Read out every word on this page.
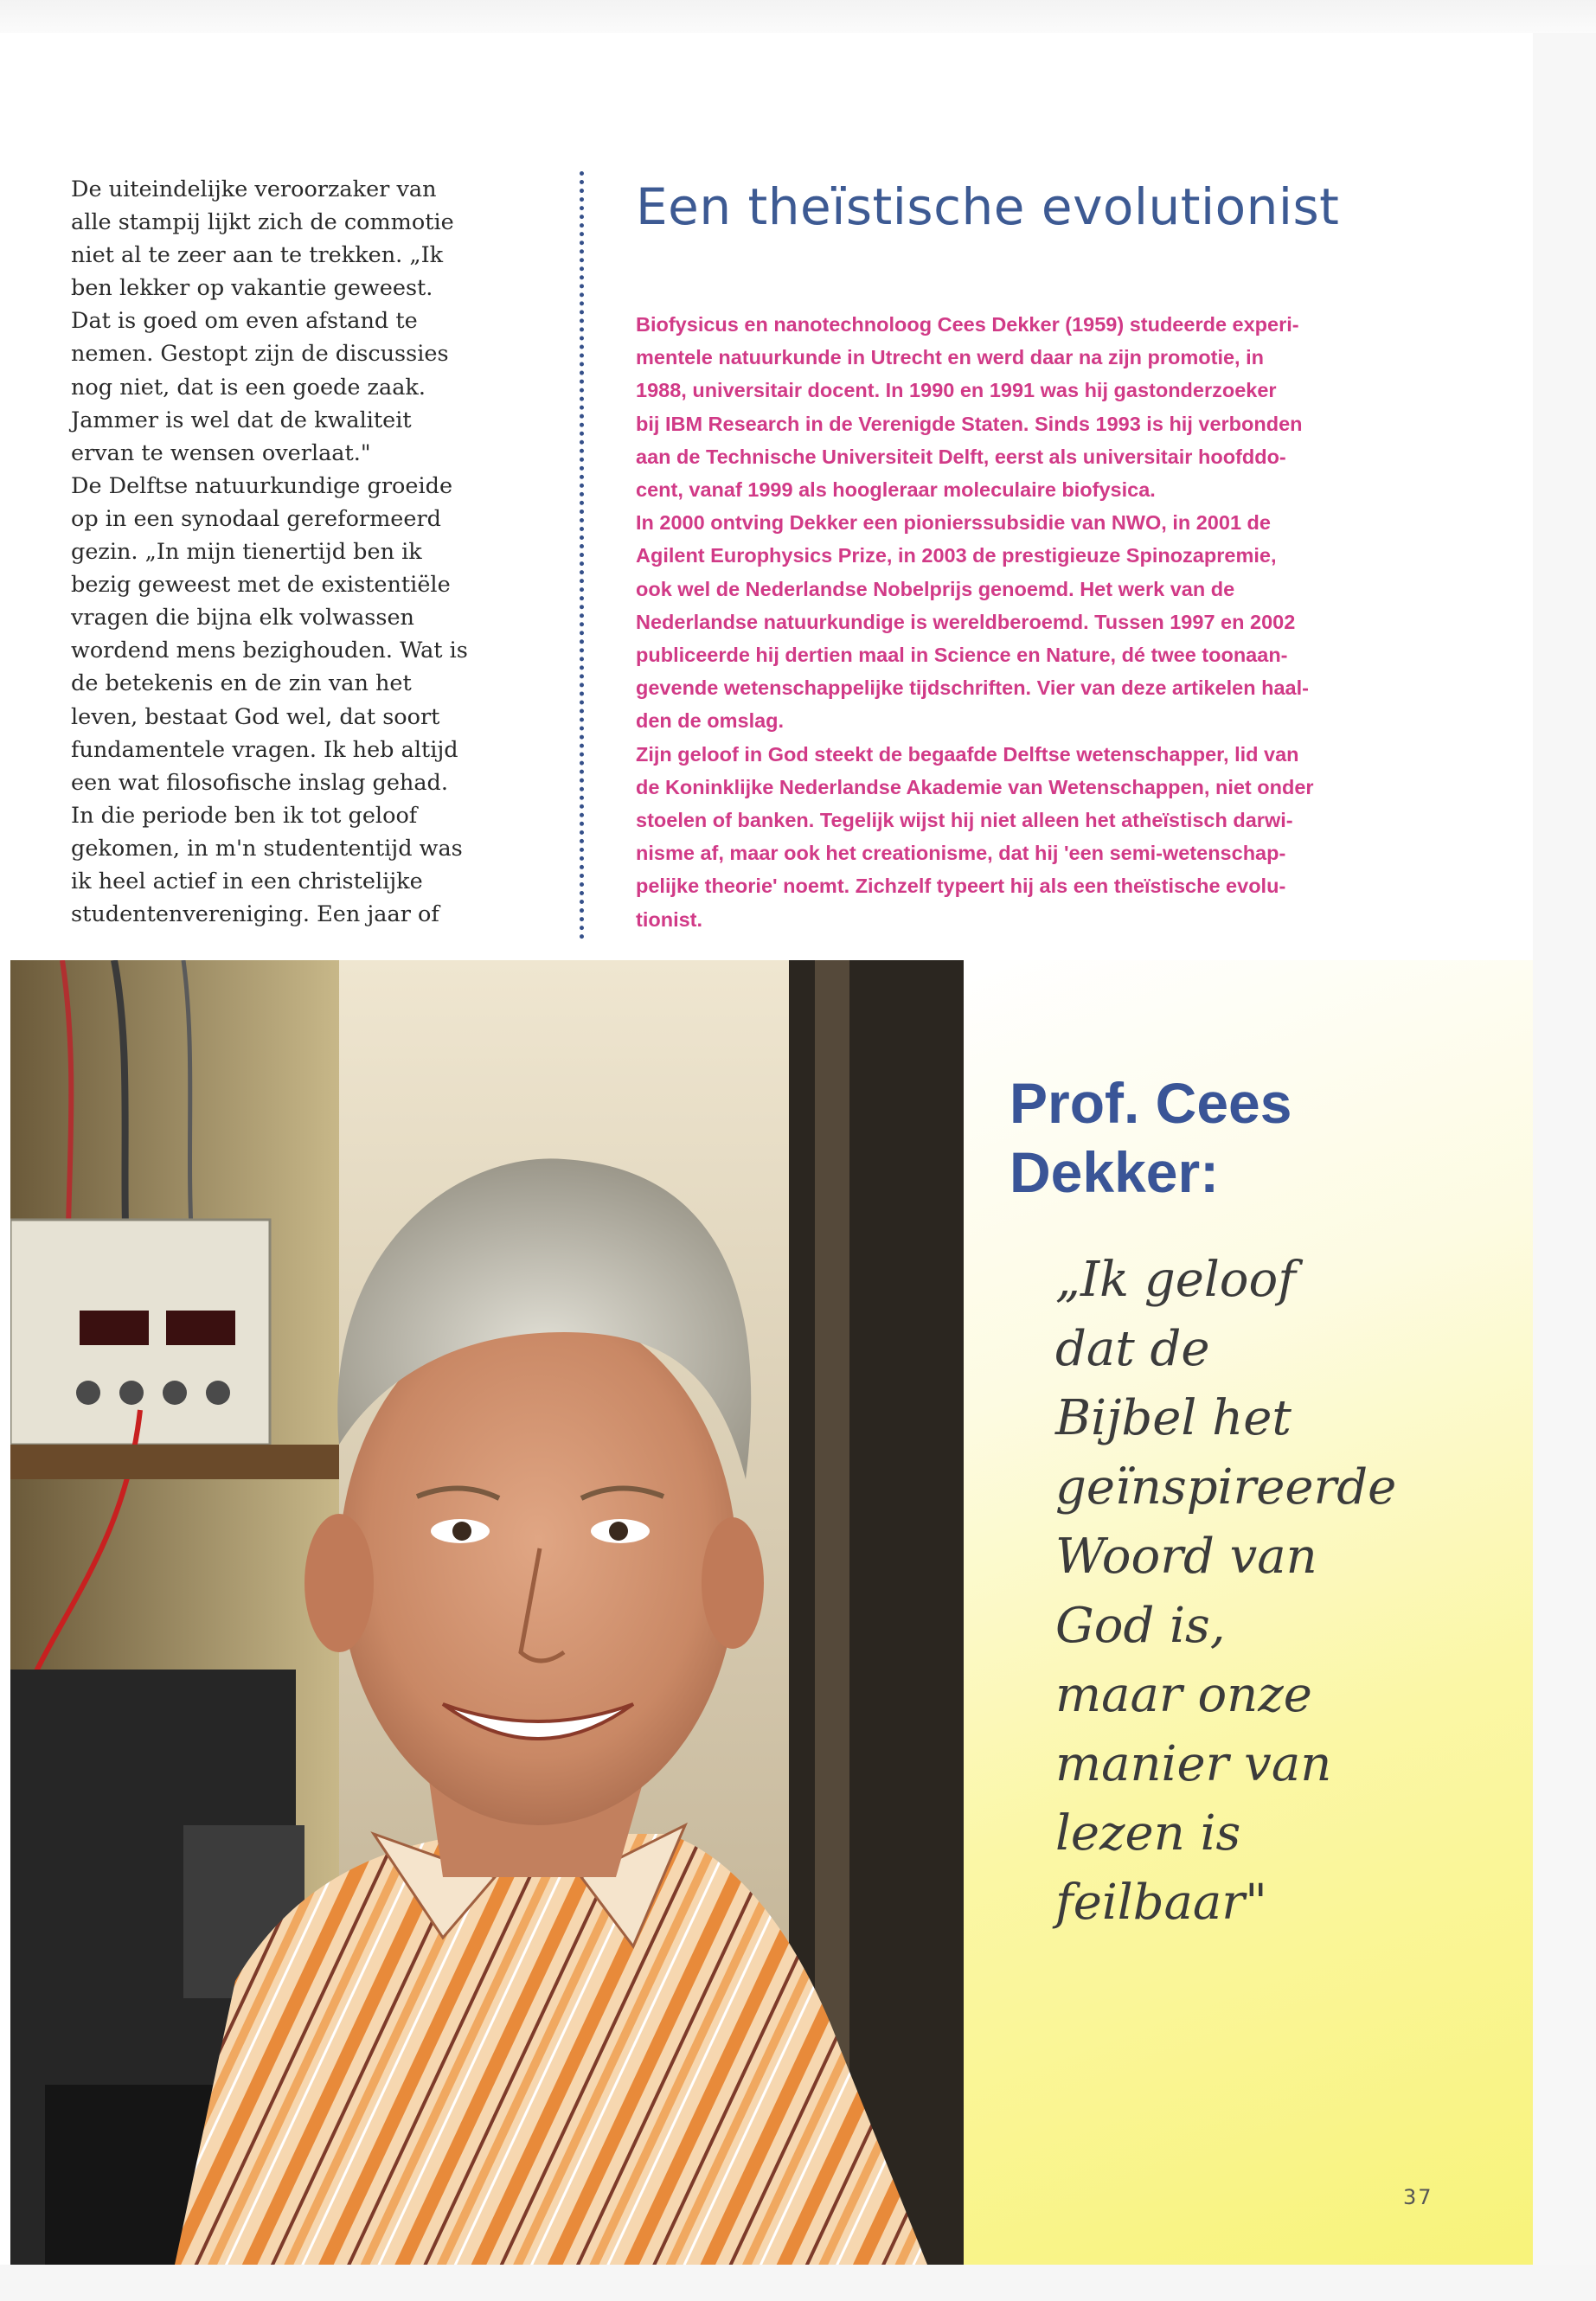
De uiteindelijke veroorzaker van
alle stampij lijkt zich de commotie
niet al te zeer aan te trekken. „Ik
ben lekker op vakantie geweest.
Dat is goed om even afstand te
nemen. Gestopt zijn de discussies
nog niet, dat is een goede zaak.
Jammer is wel dat de kwaliteit
ervan te wensen overlaat."
De Delftse natuurkundige groeide
op in een synodaal gereformeerd
gezin. „In mijn tienertijd ben ik
bezig geweest met de existentiële
vragen die bijna elk volwassen
wordend mens bezighouden. Wat is
de betekenis en de zin van het
leven, bestaat God wel, dat soort
fundamentele vragen. Ik heb altijd
een wat filosofische inslag gehad.
In die periode ben ik tot geloof
gekomen, in m'n studententijd was
ik heel actief in een christelijke
studentenvereniging. Een jaar of
Een theïstische evolutionist
Biofysicus en nanotechnoloog Cees Dekker (1959) studeerde experi-
mentele natuurkunde in Utrecht en werd daar na zijn promotie, in
1988, universitair docent. In 1990 en 1991 was hij gastonderzoeker
bij IBM Research in de Verenigde Staten. Sinds 1993 is hij verbonden
aan de Technische Universiteit Delft, eerst als universitair hoofddo-
cent, vanaf 1999 als hoogleraar moleculaire biofysica.
In 2000 ontving Dekker een pionierssubsidie van NWO, in 2001 de
Agilent Europhysics Prize, in 2003 de prestigieuze Spinozapremie,
ook wel de Nederlandse Nobelprijs genoemd. Het werk van de
Nederlandse natuurkundige is wereldberoemd. Tussen 1997 en 2002
publiceerde hij dertien maal in Science en Nature, dé twee toonaan-
gevende wetenschappelijke tijdschriften. Vier van deze artikelen haal-
den de omslag.
Zijn geloof in God steekt de begaafde Delftse wetenschapper, lid van
de Koninklijke Nederlandse Akademie van Wetenschappen, niet onder
stoelen of banken. Tegelijk wijst hij niet alleen het atheïstisch darwi-
nisme af, maar ook het creationisme, dat hij 'een semi-wetenschap-
pelijke theorie' noemt. Zichzelf typeert hij als een theïstische evolu-
tionist.
Prof. Cees
Dekker:
„Ik geloof
dat de
Bijbel het
geïnspireerde
Woord van
God is,
maar onze
manier van
lezen is
feilbaar"
37
